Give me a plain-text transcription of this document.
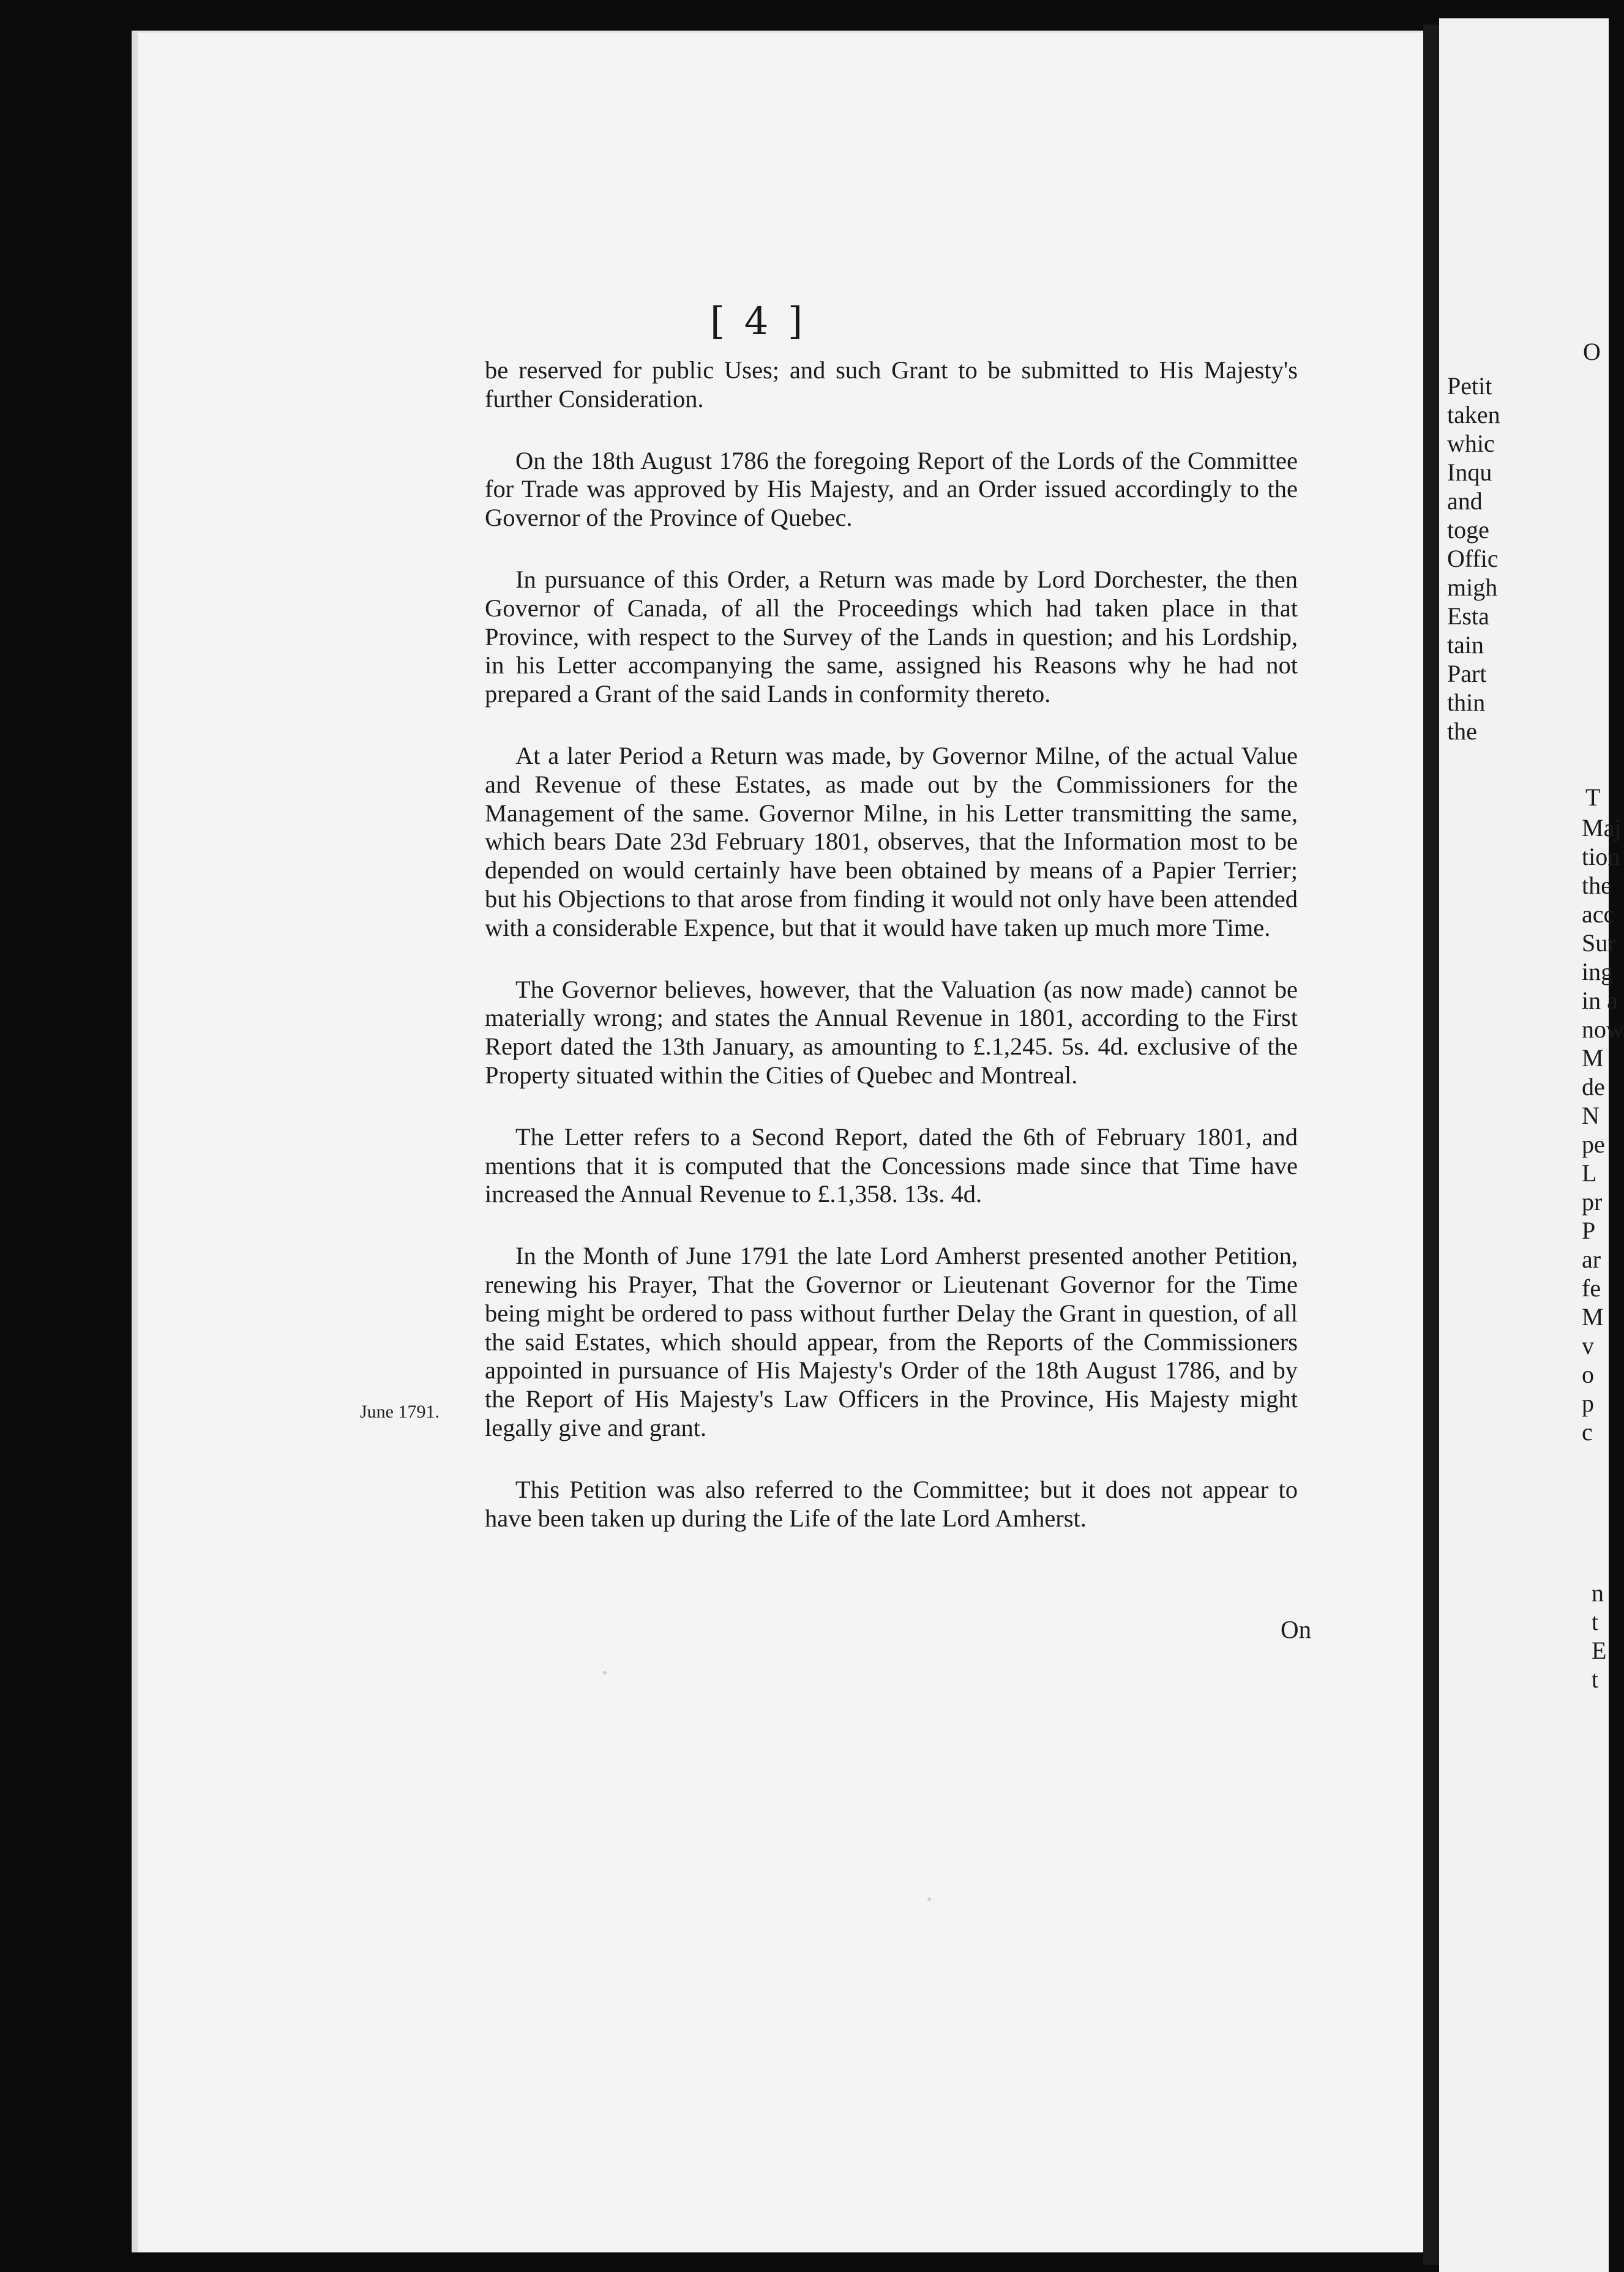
[ 4 ]

be reserved for public Uses; and such Grant to be submitted to His Majesty's further Consideration.

On the 18th August 1786 the foregoing Report of the Lords of the Committee for Trade was approved by His Majesty, and an Order issued accordingly to the Governor of the Province of Quebec.

In pursuance of this Order, a Return was made by Lord Dorchester, the then Governor of Canada, of all the Proceedings which had taken place in that Province, with respect to the Survey of the Lands in question; and his Lordship, in his Letter accompanying the same, assigned his Reasons why he had not prepared a Grant of the said Lands in conformity thereto.

At a later Period a Return was made, by Governor Milne, of the actual Value and Revenue of these Estates, as made out by the Commissioners for the Management of the same. Governor Milne, in his Letter transmitting the same, which bears Date 23d February 1801, observes, that the Information most to be depended on would certainly have been obtained by means of a Papier Terrier; but his Objections to that arose from finding it would not only have been attended with a considerable Expence, but that it would have taken up much more Time.

The Governor believes, however, that the Valuation (as now made) cannot be materially wrong; and states the Annual Revenue in 1801, according to the First Report dated the 13th January, as amounting to £.1,245. 5s. 4d. exclusive of the Property situated within the Cities of Quebec and Montreal.

The Letter refers to a Second Report, dated the 6th of February 1801, and mentions that it is computed that the Concessions made since that Time have increased the Annual Revenue to £.1,358. 13s. 4d.

In the Month of June 1791 the late Lord Amherst presented another Petition, renewing his Prayer, That the Governor or Lieutenant Governor for the Time being might be ordered to pass without further Delay the Grant in question, of all the said Estates, which should appear, from the Reports of the Commissioners appointed in pursuance of His Majesty's Order of the 18th August 1786, and by the Report of His Majesty's Law Officers in the Province, His Majesty might legally give and grant.

This Petition was also referred to the Committee; but it does not appear to have been taken up during the Life of the late Lord Amherst.

June 1791.
On
O
Petit
taken
whic
Inqu
and
toge
Offic
migh
Esta
tain
Part
thin
the
T
Maj
tion
the
acc
Sur
ing
in a
now
M
de
N
pe
L
pr
P
ar
fe
M
v
o
p
c
n
t
E
t
